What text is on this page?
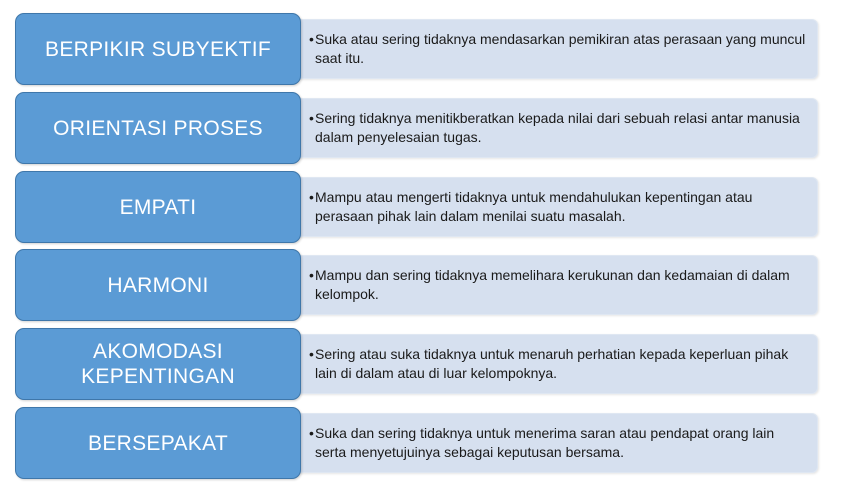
• Suka atau sering tidaknya mendasarkan pemikiran atas perasaan yang muncul saat itu.
BERPIKIR SUBYEKTIF
• Sering tidaknya menitikberatkan kepada nilai dari sebuah relasi antar manusia dalam penyelesaian tugas.
ORIENTASI PROSES
• Mampu atau mengerti tidaknya untuk mendahulukan kepentingan atau perasaan pihak lain dalam menilai suatu masalah.
EMPATI
• Mampu dan sering tidaknya memelihara kerukunan dan kedamaian di dalam kelompok.
HARMONI
• Sering atau suka tidaknya untuk menaruh perhatian kepada keperluan pihak lain di dalam atau di luar kelompoknya.
AKOMODASI KEPENTINGAN
• Suka dan sering tidaknya untuk menerima saran atau pendapat orang lain serta menyetujuinya sebagai keputusan bersama.
BERSEPAKAT
